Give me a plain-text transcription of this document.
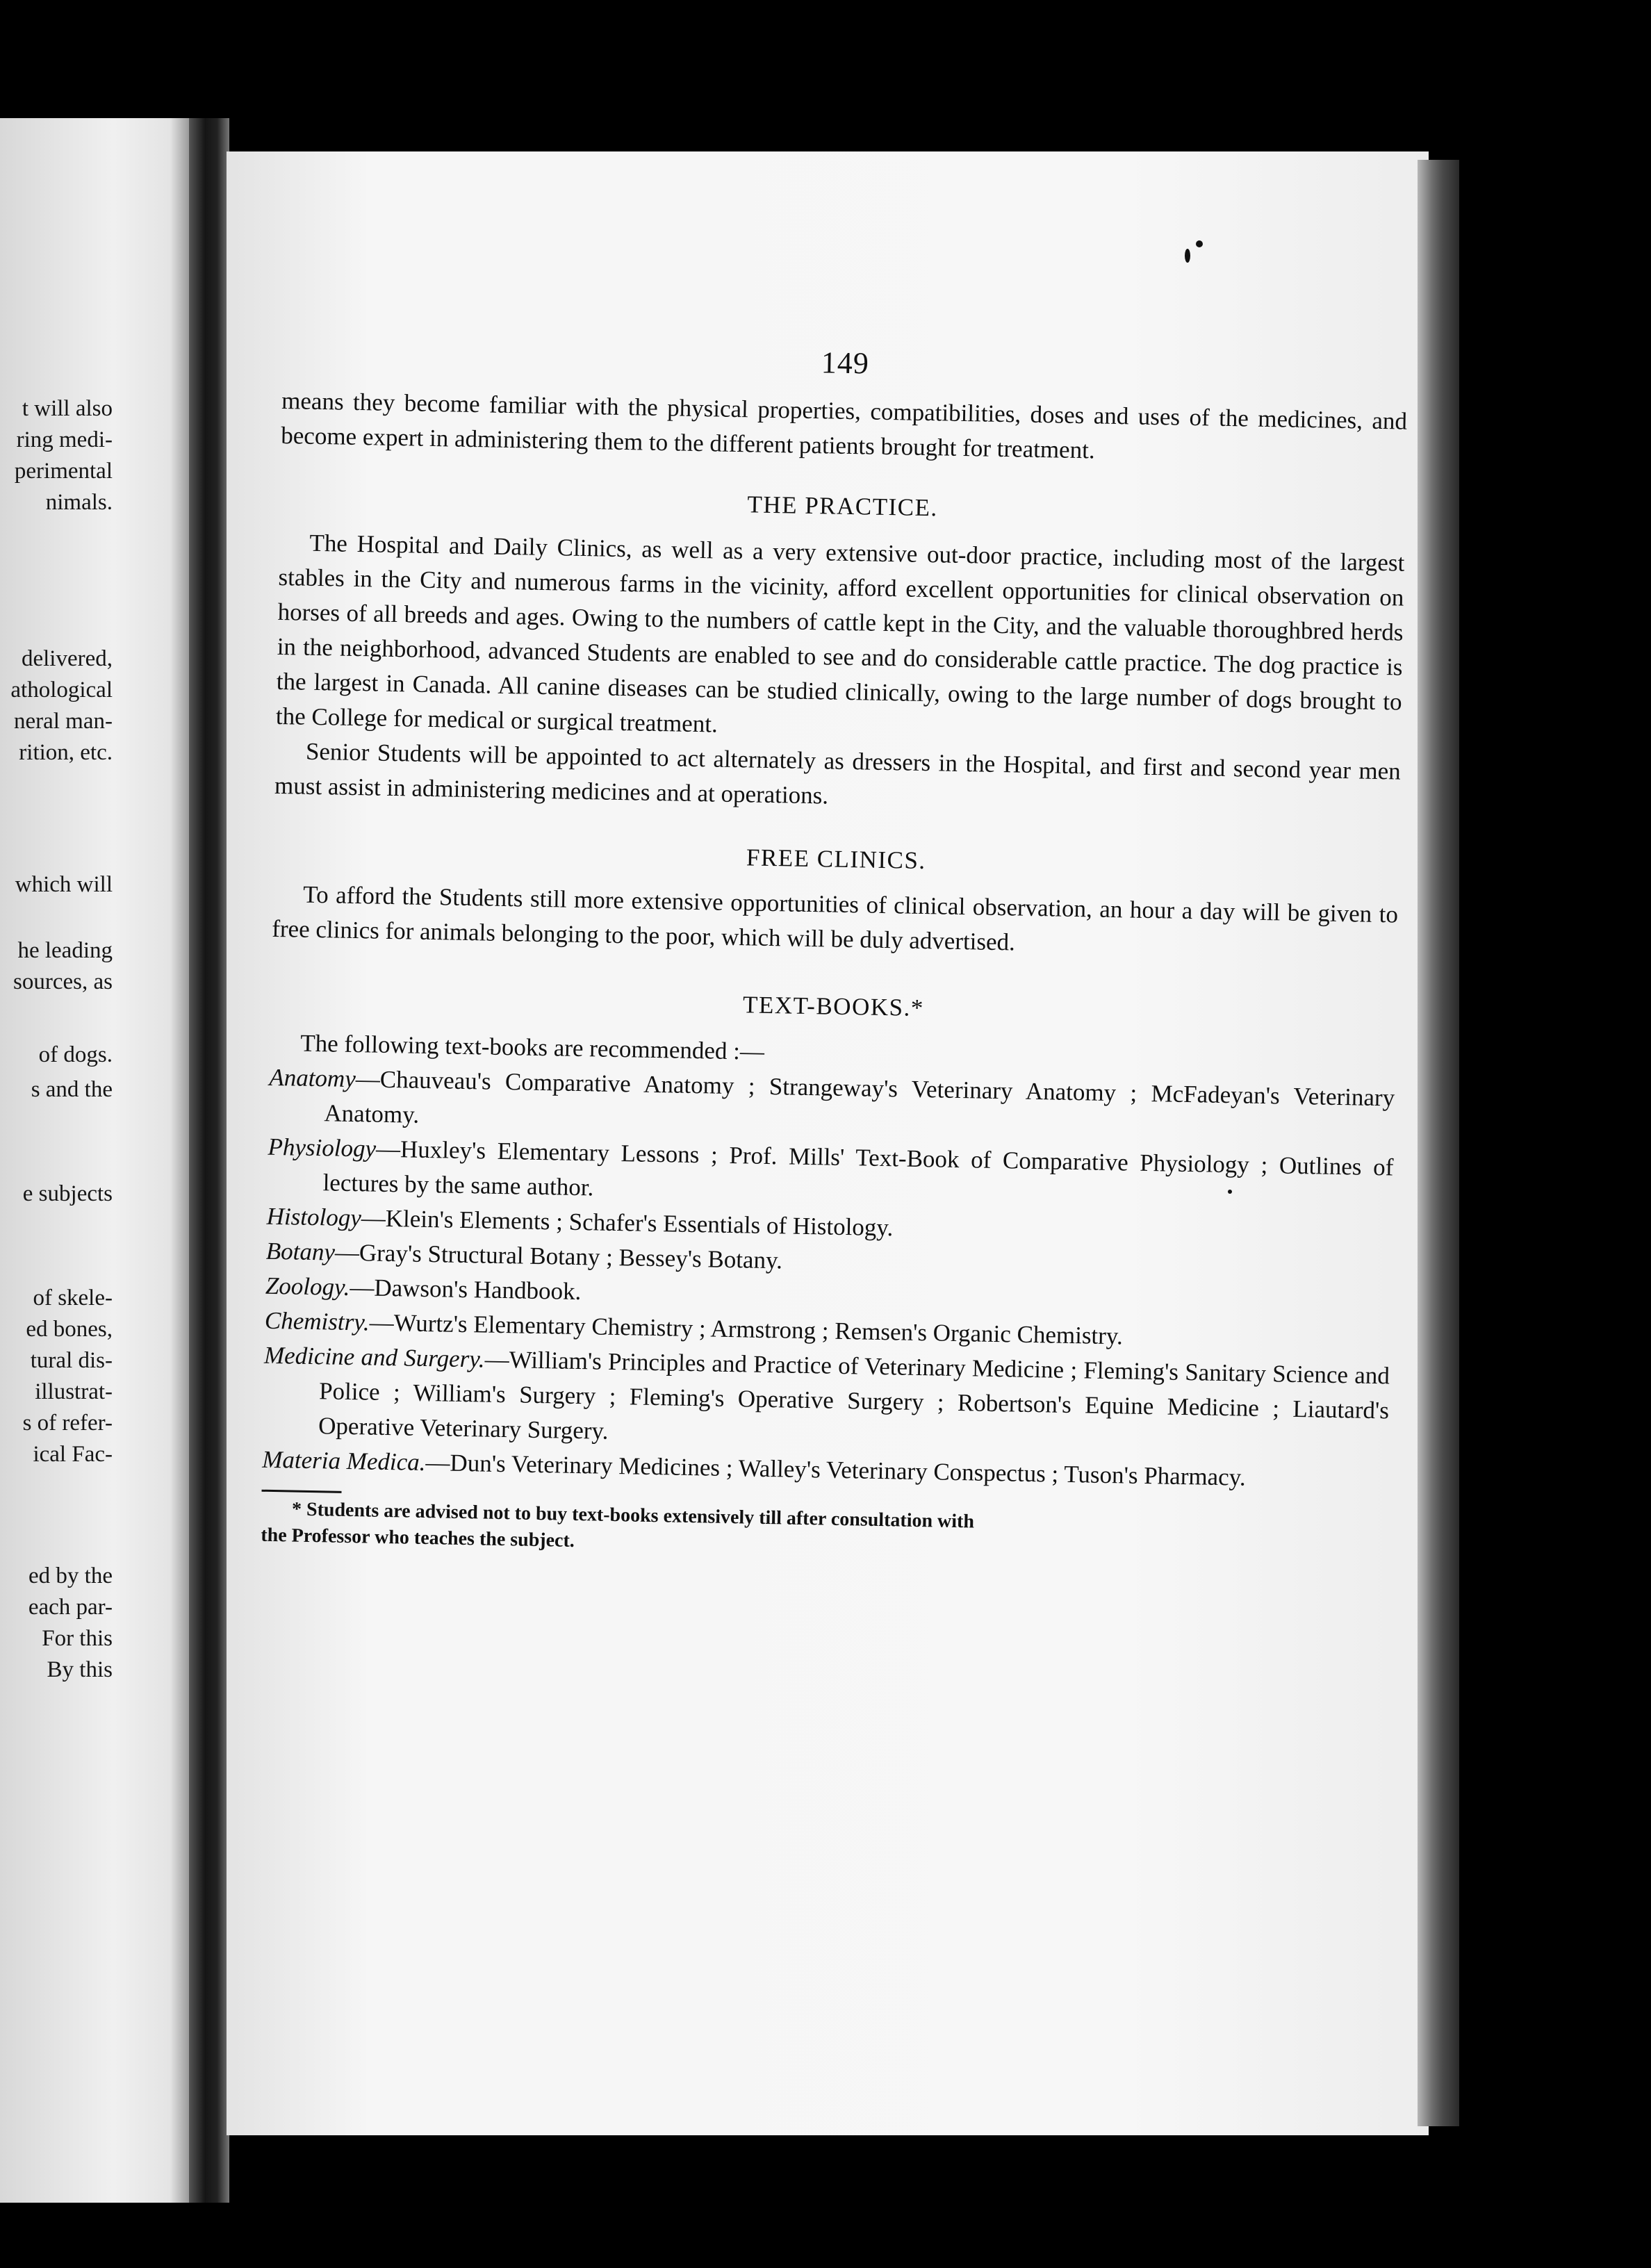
t will also
ring medi-
perimental
nimals.
delivered,
athological
neral man-
rition, etc.
which will
he leading
sources, as
of dogs.
s and the
e subjects
of skele-
ed bones,
tural dis-
illustrat-
s of refer-
ical Fac-
ed by the
each par-
For this
By this
149

means they become familiar with the physical properties, compatibilities, doses and uses of the medicines, and become expert in administering them to the different patients brought for treatment.

THE PRACTICE.

The Hospital and Daily Clinics, as well as a very extensive out-door practice, including most of the largest stables in the City and numerous farms in the vicinity, afford excellent opportunities for clinical observation on horses of all breeds and ages. Owing to the numbers of cattle kept in the City, and the valuable thoroughbred herds in the neighborhood, advanced Students are enabled to see and do considerable cattle practice. The dog practice is the largest in Canada. All canine diseases can be studied clinically, owing to the large number of dogs brought to the College for medical or surgical treatment.

Senior Students will be appointed to act alternately as dressers in the Hospital, and first and second year men must assist in administering medicines and at operations.

FREE CLINICS.

To afford the Students still more extensive opportunities of clinical observation, an hour a day will be given to free clinics for animals belonging to the poor, which will be duly advertised.

TEXT-BOOKS.*

The following text-books are recommended :—

Anatomy—Chauveau's Comparative Anatomy ; Strangeway's Veterinary Anatomy ; McFadeyan's Veterinary Anatomy.

Physiology—Huxley's Elementary Lessons ; Prof. Mills' Text-Book of Comparative Physiology ; Outlines of lectures by the same author.

Histology—Klein's Elements ; Schafer's Essentials of Histology.

Botany—Gray's Structural Botany ; Bessey's Botany.

Zoology.—Dawson's Handbook.

Chemistry.—Wurtz's Elementary Chemistry ; Armstrong ; Remsen's Organic Chemistry.

Medicine and Surgery.—William's Principles and Practice of Veterinary Medicine ; Fleming's Sanitary Science and Police ; William's Surgery ; Fleming's Operative Surgery ; Robertson's Equine Medicine ; Liautard's Operative Veterinary Surgery.

Materia Medica.—Dun's Veterinary Medicines ; Walley's Veterinary Conspectus ; Tuson's Pharmacy.

* Students are advised not to buy text-books extensively till after consultation with
the Professor who teaches the subject.
